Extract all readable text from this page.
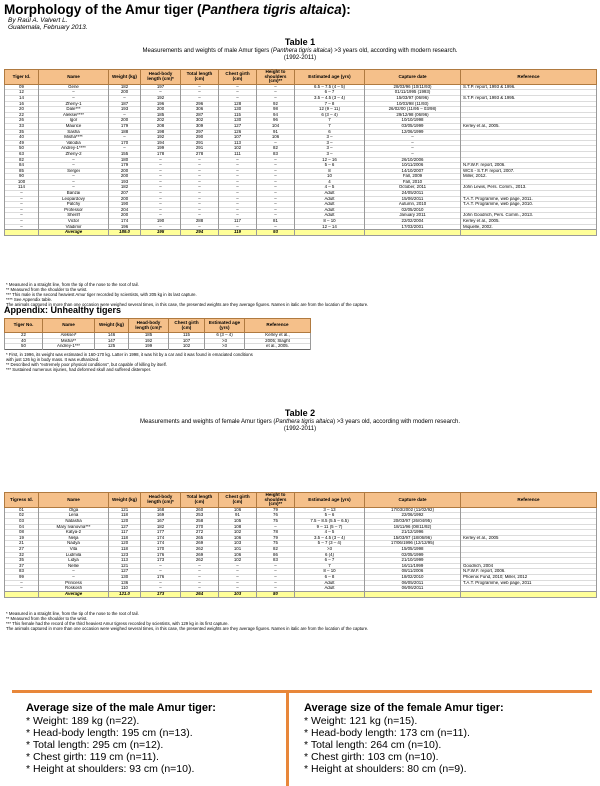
Morphology of the Amur tiger (Panthera tigris altaica):
By Raúl A. Valvert L.
Guatemala, February 2013.
Table 1
Measurements and weights of male Amur tigers (Panthera tigris altaica) >3 years old, according with modern research.
(1992-2011)
Tiger Id.	Name	Weight (kg)	Head-body length (cm)*	Total length (cm)	Chest girth (cm)	Height to shoulders (cm)**	Estimated age (yrs)	Capture date	Reference
09	Gene	182	197	–	–	–	6.5 – 7.5 (4 – 5)	28/03/96 (10/11/93)	S.T.P. report, 1993 & 1996.
12	–	200	–	–	–	–	6 – 7	01/11/1995 (1993)	
14	–	–	192	–	–	–	3.5 – 4.5 (3 – 4)	15/03/97 (06/96)	S.T.P. report, 1993 & 1995.
16	Zheny-1	187	196	296	128	92	7 – 8	10/03/98 (11/93)	
20	Dale***	193	200	306	130	98	12 (9 – 11)	26/02/00 (11/95 – 03/98)	
22	Aleksei****	–	185	287	115	94	6 (3 – 4)	29/12/98 (06/96)	
26	Igor	200	202	302	130	96	7	10/10/1998	
33	Maurice	179	208	309	127	104	7	03/05/1999	Kerley et al., 2005.
35	Sasha	188	198	297	126	91	6	12/06/1999	
40	Misha****	–	192	290	107	106	3 –	–	
49	Valodia	170	194	291	113	–	3 –	–	
50	Andrey-1****	–	199	291	102	82	3 –	–	
63	Zheny-2	155	178	278	111	83	3 –	–	
82	–	180	–	–	–	–	12 – 16	26/10/2006	
84	–	179	–	–	–	–	5 – 6	10/11/2006	N.F.W.F. report, 2006.
85	Sergei	200	–	–	–	–	8	14/10/2007	WCS - S.T.P. report, 2007.
90	–	200	–	–	–	–	10	Fall, 2009	Miller, 2012.
100	–	193	–	–	–	–	4	Fall, 2010	
114	–	182	–	–	–	–	4 – 5	October, 2011	John Lewis, Pers. Comm., 2013.
–	Banzai	207	–	–	–	–	Adult	24/05/2011	
–	Leopardovy	200	–	–	–	–	Adult	15/06/2011	T.A.T. Programme, web page, 2011.
–	Patchy	190	–	–	–	–	Adult	Autumn, 2010	T.A.T. Programme, web page, 2010.
–	Professor	204	–	–	–	–	Adult	02/05/2010	
–	Sheriff	200	–	–	–	–	Adult	January 2011	John Goodrich, Pers. Comm., 2013.
–	Victor	174	190	288	117	81	8 – 10	22/02/2004	Kerley et al., 2005.
–	Vladimir	196	–	–	–	–	12 – 14	17/03/2001	Miquelle, 2002.
	Average	189.0	195	294	119	93			
* Measured in a straight line, from the tip of the nose to the root of tail.
** Measured from the shoulder to the wrist.
*** This male is the second heaviest Amur tiger recorded by scientists, with 205 kg in its last capture.
**** See Appendix table.
The animals captured in more than one occasion were weighed several times, in this case, the presented weights are they average figures. Names in italic are from the location of the capture.
Appendix: Unhealthy tigers
Tiger No.	Name	Weight (kg)	Head-body length (cm)*	Chest girth (cm)	Estimated age (yrs)	Reference
22	Aleksei*	146	185	115	6 (3 – 4)	Kerley et al.,
40	Misha**	147	192	107	>3	2005; Slaght
50	Andrey-1***	125	199	102	>3	et al., 2005.
* First, in 1996, its weight was estimated in 160-170 kg. Latter in 1998, it was hit by a car and it was found in emaciated conditions
with just 126 kg in body mass. It was euthanized.
** Described with "extremely poor physical conditions", but capable of killing by itself.
*** Sustained numerous injuries, had deformed skull and suffered distemper.
Table 2
Measurements and weights of female Amur tigers (Panthera tigris altaica) >3 years old, according with modern research.
(1992-2011)
Tigress Id.	Name	Weight (kg)	Head-body length (cm)*	Total length (cm)	Chest girth (cm)	Height to shoulders (cm)**	Estimated age (yrs)	Capture date	Reference
01	Olga	121	168	260	106	79	3 – 13	17/03/2002 (11/02/92)	
02	Lena	118	169	253	91	76	5 – 6	22/06/1992	
03	Natasha	120	167	258	105	75	7.5 – 8.5 (5.5 – 6.5)	20/03/97 (26/04/95)	
04	Mary Ivanovna***	127	182	270	108	–	9 – 11 (5 – 7)	18/11/96 (08/11/92)	
08	Katya-2	117	177	272	102	78	4 – 5	21/12/1996	
19	Nelja	118	174	265	106	79	3.5 – 4.5 (3 – 4)	15/03/97 (18/06/96)	Kerley et al., 2005
21	Nadya	120	174	269	103	75	5 – 7 (3 – 4)	17/06/1996 (12/12/95)	
27	Vita	118	170	262	101	82	>3	15/05/1998	
32	Ludmila	123	176	269	106	86	6 (4)	02/05/1999	
35	Lidya	113	173	262	102	83	6 – 7	21/10/1999	
37	Nellie	121	–	–	–	–	7	16/11/1999	Goodrich, 2004
83	–	127	–	–	–	–	8 – 10	08/11/2006	N.F.W.F. report, 2006.
99	–	130	176	–	–	–	6 – 8	18/02/2010	Phoenix Fund, 2010; Miller, 2012
–	Princess	136	–	–	–	–	Adult	06/05/2011	T.A.T. Programme, web page, 2011
–	Roskosh	110	–	–	–	–	Adult	06/06/2011	
	Average	121.0	173	264	103	80			
* Measured in a straight line, from the tip of the nose to the root of tail.
** Measured from the shoulder to the wrist.
*** This female had the record of the third heaviest Amur tigress recorded by scientists, with 129 kg in its first capture.
The animals captured in more than one occasion were weighed several times, in this case, the presented weights are they average figures. Names in italic are from the location of the capture.
Average size of the male Amur tiger:
* Weight: 189 kg (n=22).
* Head-body length: 195 cm (n=13).
* Total length: 295 cm (n=12).
* Chest girth: 119 cm (n=11).
* Height at shoulders: 93 cm (n=10).
Average size of the female Amur tiger:
* Weight: 121 kg (n=15).
* Head-body length: 173 cm (n=11).
* Total length: 264 cm (n=10).
* Chest girth: 103 cm (n=10).
* Height at shoulders: 80 cm (n=9).
